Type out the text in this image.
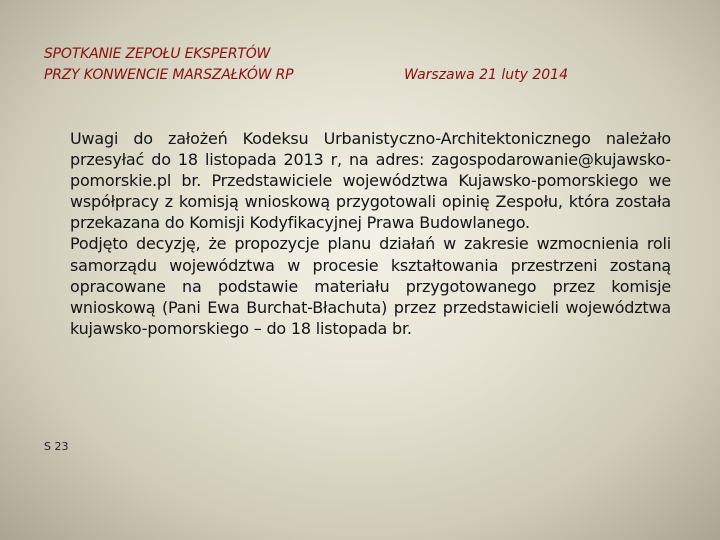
SPOTKANIE ZEPOŁU EKSPERTÓW
PRZY KONWENCIE MARSZAŁKÓW RP	Warszawa 21 luty 2014

Uwagi do założeń Kodeksu Urbanistyczno-Architektonicznego należało przesyłać do 18 listopada 2013 r, na adres: zagospodarowanie@kujawsko-pomorskie.pl br. Przedstawiciele województwa Kujawsko-pomorskiego we współpracy z komisją wnioskową przygotowali opinię Zespołu, która została przekazana do Komisji Kodyfikacyjnej Prawa Budowlanego.

Podjęto decyzję, że propozycje planu działań w zakresie wzmocnienia roli samorządu województwa w procesie kształtowania przestrzeni zostaną opracowane na podstawie materiału przygotowanego przez komisje wnioskową (Pani Ewa Burchat-Błachuta) przez przedstawicieli województwa kujawsko-pomorskiego – do 18 listopada br.

S 23
